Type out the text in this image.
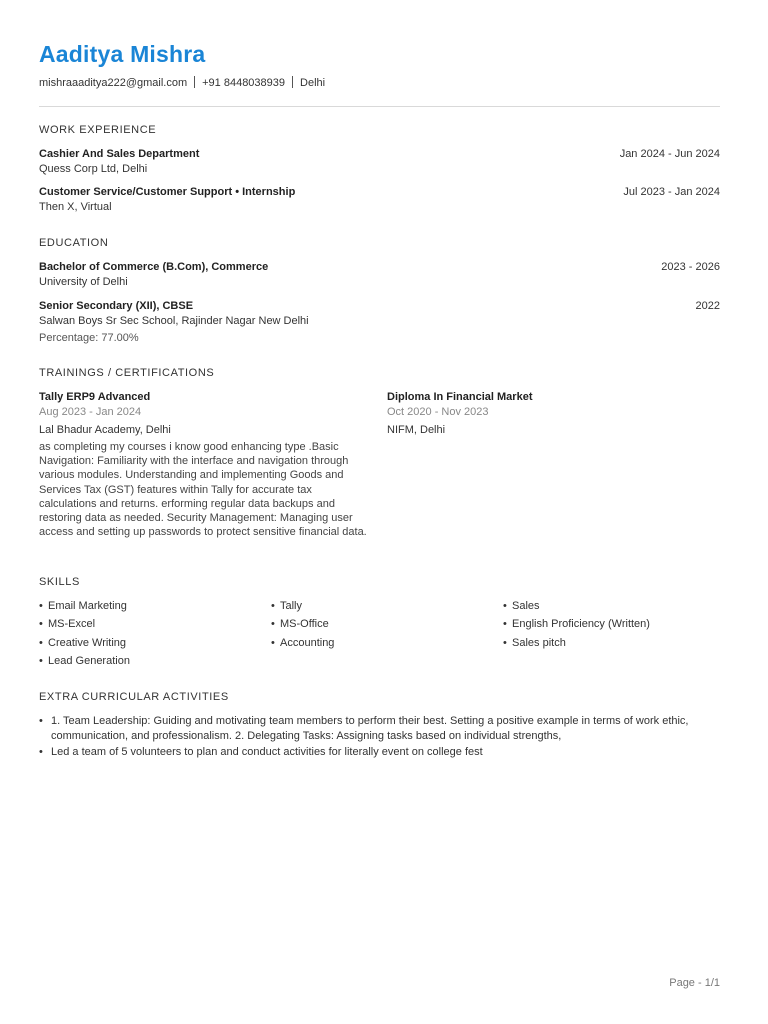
Aaditya Mishra
mishraaaditya222@gmail.com +91 8448038939 Delhi
WORK EXPERIENCE
Cashier And Sales Department	Jan 2024 - Jun 2024
Quess Corp Ltd, Delhi
Customer Service/Customer Support • Internship	Jul 2023 - Jan 2024
Then X, Virtual
EDUCATION
Bachelor of Commerce (B.Com), Commerce	2023 - 2026
University of Delhi
Senior Secondary (XII), CBSE	2022
Salwan Boys Sr Sec School, Rajinder Nagar New Delhi
Percentage: 77.00%
TRAININGS / CERTIFICATIONS
Tally ERP9 Advanced
Aug 2023 - Jan 2024
Lal Bhadur Academy, Delhi
as completing my courses i know good enhancing type .Basic Navigation: Familiarity with the interface and navigation through various modules. Understanding and implementing Goods and Services Tax (GST) features within Tally for accurate tax calculations and returns. erforming regular data backups and restoring data as needed. Security Management: Managing user access and setting up passwords to protect sensitive financial data.
Diploma In Financial Market
Oct 2020 - Nov 2023
NIFM, Delhi
SKILLS
• Email Marketing	• Tally	• Sales
• MS-Excel	• MS-Office	• English Proficiency (Written)
• Creative Writing	• Accounting	• Sales pitch
• Lead Generation
EXTRA CURRICULAR ACTIVITIES
• 1. Team Leadership: Guiding and motivating team members to perform their best. Setting a positive example in terms of work ethic, communication, and professionalism. 2. Delegating Tasks: Assigning tasks based on individual strengths,
• Led a team of 5 volunteers to plan and conduct activities for literally event on college fest
Page - 1/1
